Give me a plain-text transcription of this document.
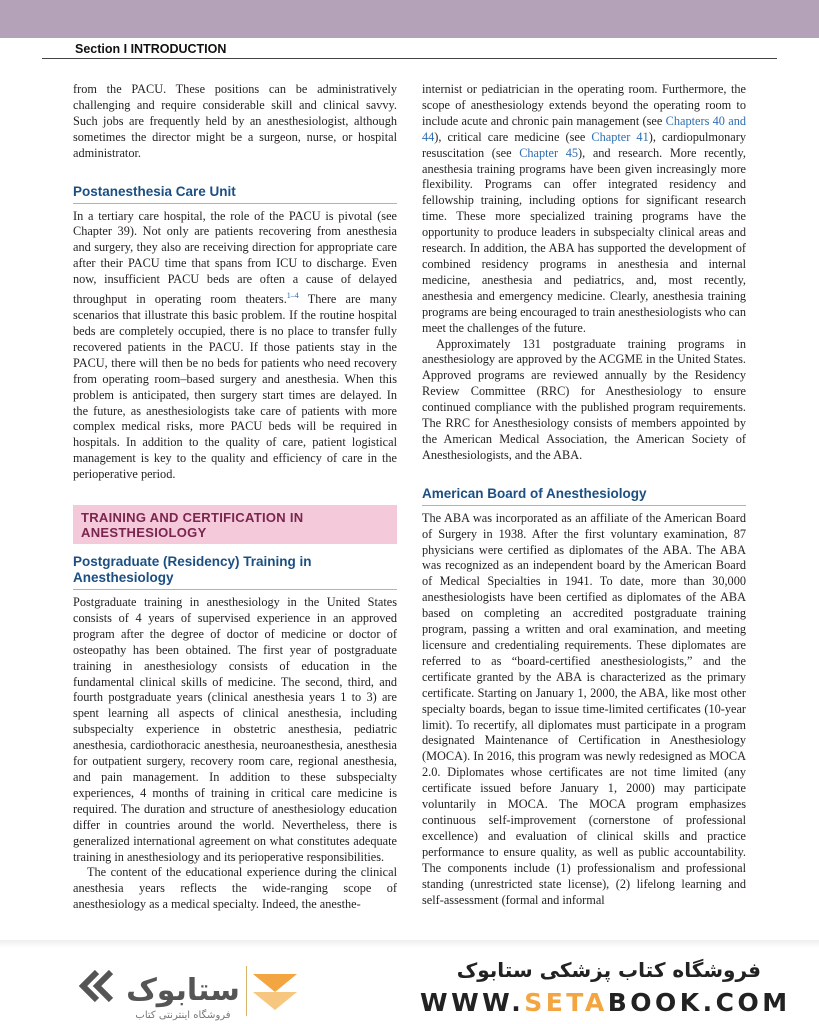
Section I INTRODUCTION

from the PACU. These positions can be administratively challenging and require considerable skill and clinical savvy. Such jobs are frequently held by an anesthesiologist, although sometimes the director might be a surgeon, nurse, or hospital administrator.

Postanesthesia Care Unit

In a tertiary care hospital, the role of the PACU is pivotal (see Chapter 39). Not only are patients recovering from anesthesia and surgery, they also are receiving direction for appropriate care after their PACU time that spans from ICU to discharge. Even now, insufficient PACU beds are often a cause of delayed throughput in operating room theaters.$^{1-4}$ There are many scenarios that illustrate this basic problem. If the routine hospital beds are completely occupied, there is no place to transfer fully recovered patients in the PACU. If those patients stay in the PACU, there will then be no beds for patients who need recovery from operating room–based surgery and anesthesia. When this problem is anticipated, then surgery start times are delayed. In the future, as anesthesiologists take care of patients with more complex medical risks, more PACU beds will be required in hospitals. In addition to the quality of care, patient logistical management is key to the quality and efficiency of care in the perioperative period.

TRAINING AND CERTIFICATION IN ANESTHESIOLOGY
Postgraduate (Residency) Training in Anesthesiology

Postgraduate training in anesthesiology in the United States consists of 4 years of supervised experience in an approved program after the degree of doctor of medicine or doctor of osteopathy has been obtained. The first year of postgraduate training in anesthesiology consists of education in the fundamental clinical skills of medicine. The second, third, and fourth postgraduate years (clinical anesthesia years 1 to 3) are spent learning all aspects of clinical anesthesia, including subspecialty experience in obstetric anesthesia, pediatric anesthesia, cardiothoracic anesthesia, neuroanesthesia, anesthesia for outpatient surgery, recovery room care, regional anesthesia, and pain management. In addition to these subspecialty experiences, 4 months of training in critical care medicine is required. The duration and structure of anesthesiology education differ in countries around the world. Nevertheless, there is generalized international agreement on what constitutes adequate training in anesthesiology and its perioperative responsibilities.

The content of the educational experience during the clinical anesthesia years reflects the wide-ranging scope of anesthesiology as a medical specialty. Indeed, the anesthe-

internist or pediatrician in the operating room. Furthermore, the scope of anesthesiology extends beyond the operating room to include acute and chronic pain management (see Chapters 40 and 44), critical care medicine (see Chapter 41), cardiopulmonary resuscitation (see Chapter 45), and research. More recently, anesthesia training programs have been given increasingly more flexibility. Programs can offer integrated residency and fellowship training, including options for significant research time. These more specialized training programs have the opportunity to produce leaders in subspecialty clinical areas and research. In addition, the ABA has supported the development of combined residency programs in anesthesia and internal medicine, anesthesia and pediatrics, and, most recently, anesthesia and emergency medicine. Clearly, anesthesia training programs are being encouraged to train anesthesiologists who can meet the challenges of the future.

Approximately 131 postgraduate training programs in anesthesiology are approved by the ACGME in the United States. Approved programs are reviewed annually by the Residency Review Committee (RRC) for Anesthesiology to ensure continued compliance with the published program requirements. The RRC for Anesthesiology consists of members appointed by the American Medical Association, the American Society of Anesthesiologists, and the ABA.

American Board of Anesthesiology

The ABA was incorporated as an affiliate of the American Board of Surgery in 1938. After the first voluntary examination, 87 physicians were certified as diplomates of the ABA. The ABA was recognized as an independent board by the American Board of Medical Specialties in 1941. To date, more than 30,000 anesthesiologists have been certified as diplomates of the ABA based on completing an accredited postgraduate training program, passing a written and oral examination, and meeting licensure and credentialing requirements. These diplomates are referred to as “board-certified anesthesiologists,” and the certificate granted by the ABA is characterized as the primary certificate. Starting on January 1, 2000, the ABA, like most other specialty boards, began to issue time-limited certificates (10-year limit). To recertify, all diplomates must participate in a program designated Maintenance of Certification in Anesthesiology (MOCA). In 2016, this program was newly redesigned as MOCA 2.0. Diplomates whose certificates are not time limited (any certificate issued before January 1, 2000) may participate voluntarily in MOCA. The MOCA program emphasizes continuous self-improvement (cornerstone of professional excellence) and evaluation of clinical skills and practice performance to ensure quality, as well as public accountability. The components include (1) professionalism and professional standing (unrestricted state license), (2) lifelong learning and self-assessment (formal and informal

ستابوک
فروشگاه اینترنتی کتاب
فروشگاه کتاب پزشکی ستابوک
WWW.SETABOOK.COM
